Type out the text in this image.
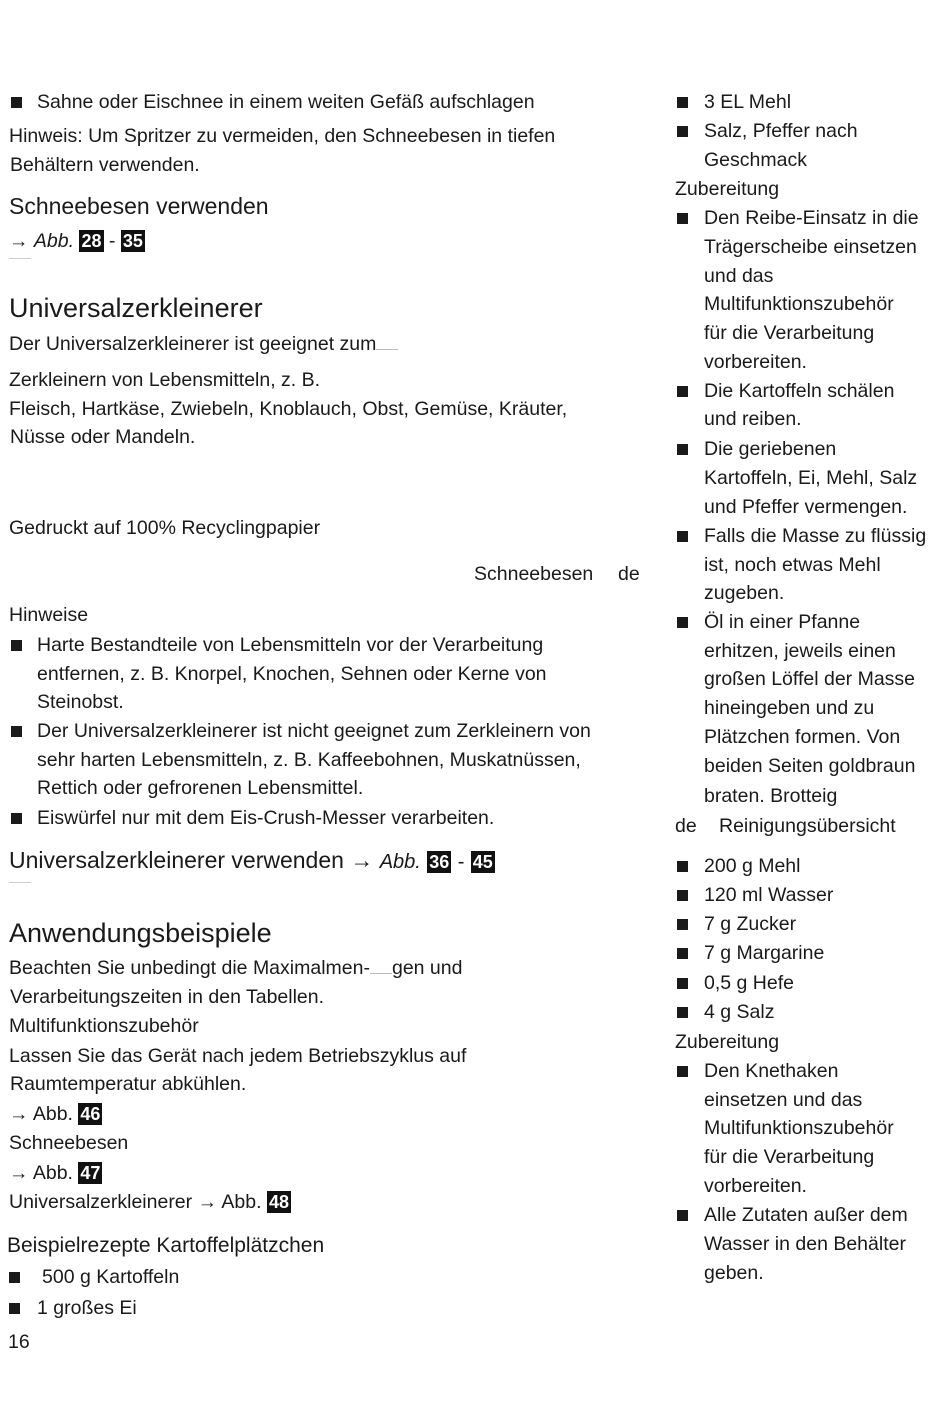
Sahne oder Eischnee in einem weiten Gefäß aufschlagen
Hinweis: Um Spritzer zu vermeiden, den Schneebesen in tiefen
Behältern verwenden.
Schneebesen verwenden
→ Abb. 28 - 35
Universalzerkleinerer
Der Universalzerkleinerer ist geeignet zum
Zerkleinern von Lebensmitteln, z. B.
Fleisch, Hartkäse, Zwiebeln, Knoblauch, Obst, Gemüse, Kräuter,
Nüsse oder Mandeln.
Gedruckt auf 100% Recyclingpapier
Schneebesen de
Hinweise
Harte Bestandteile von Lebensmitteln vor der Verarbeitung
entfernen, z. B. Knorpel, Knochen, Sehnen oder Kerne von
Steinobst.
Der Universalzerkleinerer ist nicht geeignet zum Zerkleinern von
sehr harten Lebensmitteln, z. B. Kaffeebohnen, Muskatnüssen,
Rettich oder gefrorenen Lebensmittel.
Eiswürfel nur mit dem Eis-Crush-Messer verarbeiten.
Universalzerkleinerer verwenden → Abb. 36 - 45
Anwendungsbeispiele
Beachten Sie unbedingt die Maximalmen- gen und
Verarbeitungszeiten in den Tabellen.
Multifunktionszubehör
Lassen Sie das Gerät nach jedem Betriebszyklus auf
Raumtemperatur abkühlen.
→ Abb. 46
Schneebesen
→ Abb. 47
Universalzerkleinerer → Abb. 48
Beispielrezepte Kartoffelplätzchen
500 g Kartoffeln
1 großes Ei
16
3 EL Mehl
Salz, Pfeffer nach
Geschmack
Zubereitung
Den Reibe-Einsatz in die
Trägerscheibe einsetzen
und das
Multifunktionszubehör
für die Verarbeitung
vorbereiten.
Die Kartoffeln schälen
und reiben.
Die geriebenen
Kartoffeln, Ei, Mehl, Salz
und Pfeffer vermengen.
Falls die Masse zu flüssig
ist, noch etwas Mehl
zugeben.
Öl in einer Pfanne
erhitzen, jeweils einen
großen Löffel der Masse
hineingeben und zu
Plätzchen formen. Von
beiden Seiten goldbraun
braten. Brotteig
de Reinigungsübersicht
200 g Mehl
120 ml Wasser
7 g Zucker
7 g Margarine
0,5 g Hefe
4 g Salz
Zubereitung
Den Knethaken
einsetzen und das
Multifunktionszubehör
für die Verarbeitung
vorbereiten.
Alle Zutaten außer dem
Wasser in den Behälter
geben.
